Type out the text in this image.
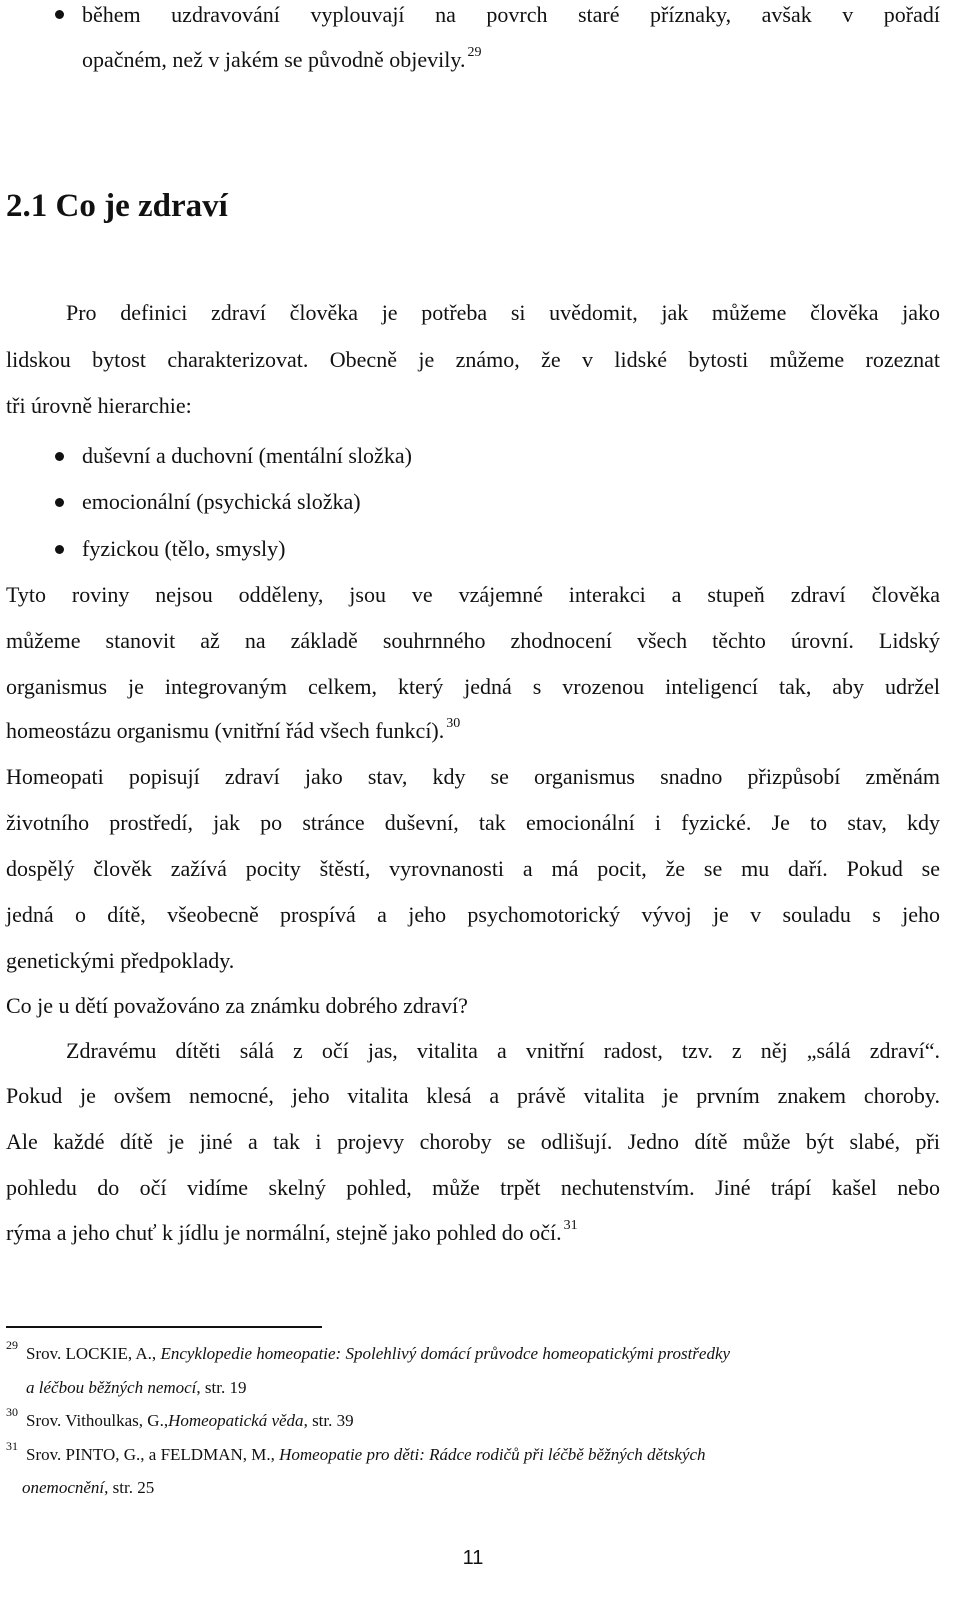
během uzdravování vyplouvají na povrch staré příznaky, avšak v pořadí
opačném, než v jakém se původně objevily. $^{29}$
2.1 Co je zdraví
Pro definici zdraví člověka je potřeba si uvědomit, jak můžeme člověka jako
lidskou bytost charakterizovat. Obecně je známo, že v lidské bytosti můžeme rozeznat
tři úrovně hierarchie:
duševní a duchovní (mentální složka)
emocionální (psychická složka)
fyzickou (tělo, smysly)
Tyto roviny nejsou odděleny, jsou ve vzájemné interakci a stupeň zdraví člověka
můžeme stanovit až na základě souhrnného zhodnocení všech těchto úrovní. Lidský
organismus je integrovaným celkem, který jedná s vrozenou inteligencí tak, aby udržel
homeostázu organismu (vnitřní řád všech funkcí). $^{30}$
Homeopati popisují zdraví jako stav, kdy se organismus snadno přizpůsobí změnám
životního prostředí, jak po stránce duševní, tak emocionální i fyzické. Je to stav, kdy
dospělý člověk zažívá pocity štěstí, vyrovnanosti a má pocit, že se mu daří. Pokud se
jedná o dítě, všeobecně prospívá a jeho psychomotorický vývoj je v souladu s jeho
genetickými předpoklady.
Co je u dětí považováno za známku dobrého zdraví?
Zdravému dítěti sálá z očí jas, vitalita a vnitřní radost, tzv. z něj „sálá zdraví“.
Pokud je ovšem nemocné, jeho vitalita klesá a právě vitalita je prvním znakem choroby.
Ale každé dítě je jiné a tak i projevy choroby se odlišují. Jedno dítě může být slabé, při
pohledu do očí vidíme skelný pohled, může trpět nechutenstvím. Jiné trápí kašel nebo
rýma a jeho chuť k jídlu je normální, stejně jako pohled do očí. $^{31}$
29 Srov. LOCKIE, A., Encyklopedie homeopatie: Spolehlivý domácí průvodce homeopatickými prostředky
a léčbou běžných nemocí, str. 19
30 Srov. Vithoulkas, G.,Homeopatická věda, str. 39
31 Srov. PINTO, G., a FELDMAN, M., Homeopatie pro děti: Rádce rodičů při léčbě běžných dětských
onemocnění, str. 25
11
